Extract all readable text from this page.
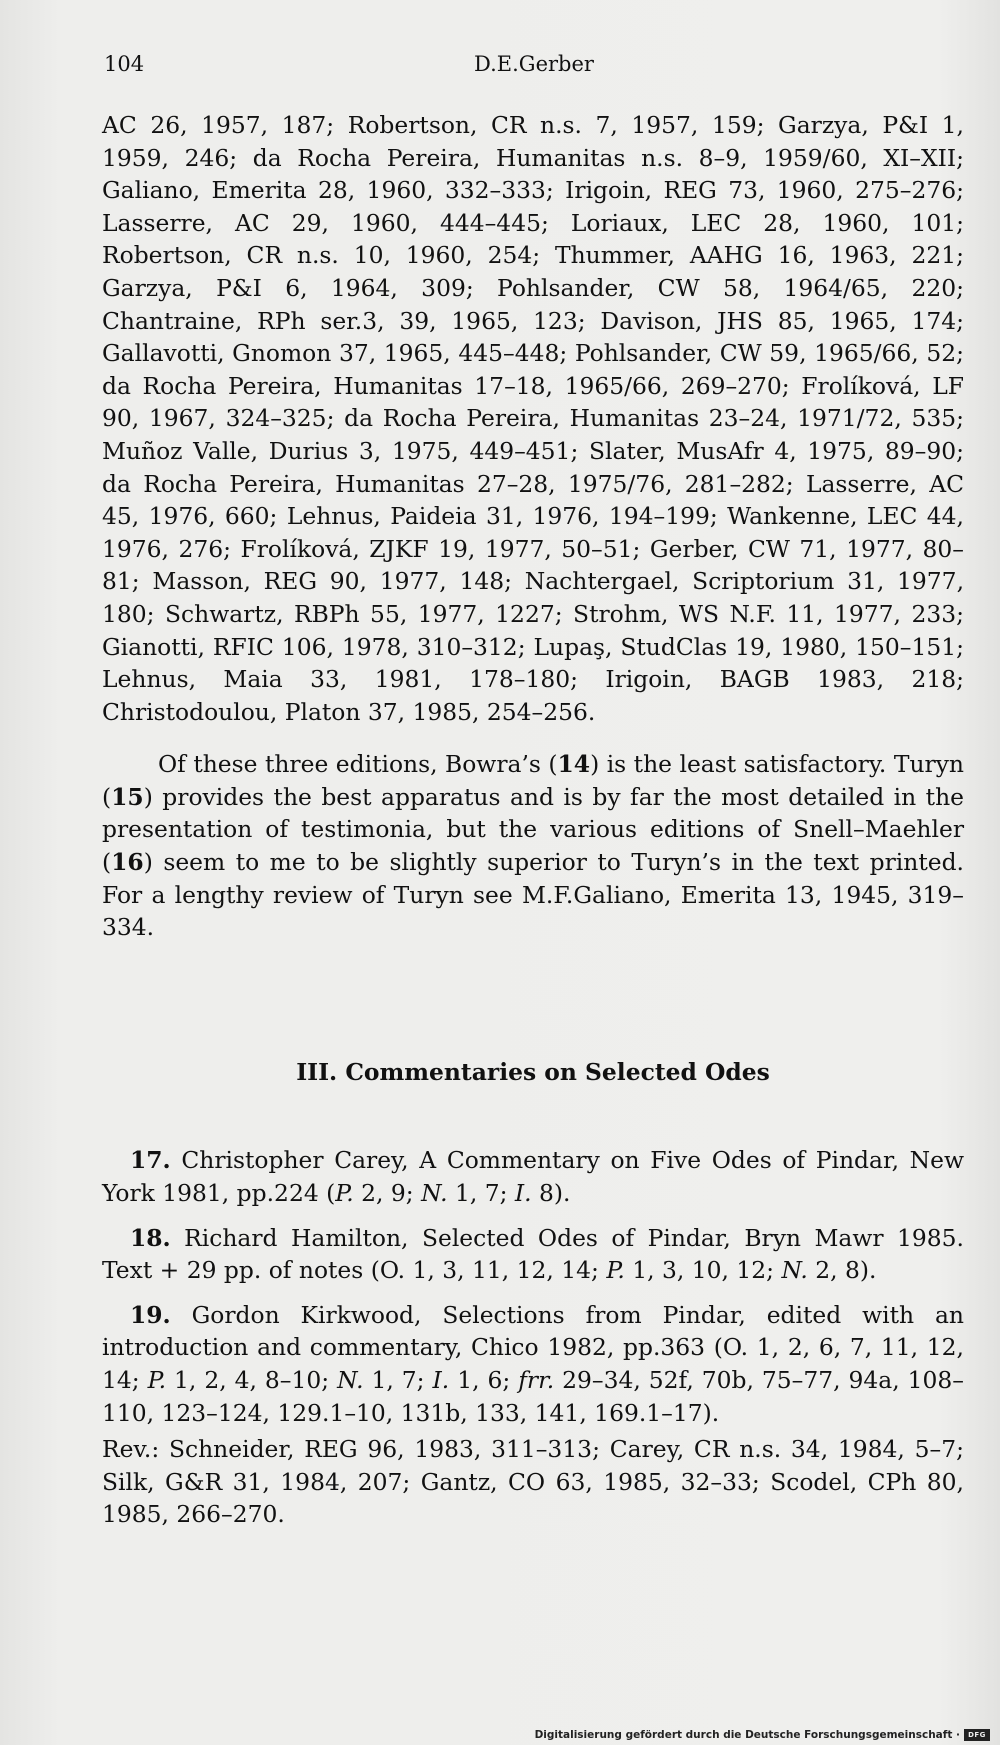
104	D.E.Gerber

AC 26, 1957, 187; Robertson, CR n.s. 7, 1957, 159; Garzya, P&I 1, 1959, 246; da Rocha Pereira, Humanitas n.s. 8–9, 1959/60, XI–XII; Galiano, Emerita 28, 1960, 332–333; Irigoin, REG 73, 1960, 275–276; Lasserre, AC 29, 1960, 444–445; Loriaux, LEC 28, 1960, 101; Robertson, CR n.s. 10, 1960, 254; Thummer, AAHG 16, 1963, 221; Garzya, P&I 6, 1964, 309; Pohlsander, CW 58, 1964/65, 220; Chantraine, RPh ser.3, 39, 1965, 123; Davison, JHS 85, 1965, 174; Gallavotti, Gnomon 37, 1965, 445–448; Pohlsander, CW 59, 1965/66, 52; da Rocha Pereira, Humanitas 17–18, 1965/66, 269–270; Frolíková, LF 90, 1967, 324–325; da Rocha Pereira, Humanitas 23–24, 1971/72, 535; Muñoz Valle, Durius 3, 1975, 449–451; Slater, MusAfr 4, 1975, 89–90; da Rocha Pereira, Humanitas 27–28, 1975/76, 281–282; Lasserre, AC 45, 1976, 660; Lehnus, Paideia 31, 1976, 194–199; Wankenne, LEC 44, 1976, 276; Frolíková, ZJKF 19, 1977, 50–51; Gerber, CW 71, 1977, 80–81; Masson, REG 90, 1977, 148; Nachtergael, Scriptorium 31, 1977, 180; Schwartz, RBPh 55, 1977, 1227; Strohm, WS N.F. 11, 1977, 233; Gianotti, RFIC 106, 1978, 310–312; Lupaş, StudClas 19, 1980, 150–151; Lehnus, Maia 33, 1981, 178–180; Irigoin, BAGB 1983, 218; Christodoulou, Platon 37, 1985, 254–256.

Of these three editions, Bowra’s (14) is the least satisfactory. Turyn (15) provides the best apparatus and is by far the most detailed in the presentation of testimonia, but the various editions of Snell–Maehler (16) seem to me to be slightly superior to Turyn’s in the text printed. For a lengthy review of Turyn see M.F.Galiano, Emerita 13, 1945, 319–334.

III. Commentaries on Selected Odes

17. Christopher Carey, A Commentary on Five Odes of Pindar, New York 1981, pp.224 (P. 2, 9; N. 1, 7; I. 8).

18. Richard Hamilton, Selected Odes of Pindar, Bryn Mawr 1985. Text + 29 pp. of notes (O. 1, 3, 11, 12, 14; P. 1, 3, 10, 12; N. 2, 8).

19. Gordon Kirkwood, Selections from Pindar, edited with an introduction and commentary, Chico 1982, pp.363 (O. 1, 2, 6, 7, 11, 12, 14; P. 1, 2, 4, 8–10; N. 1, 7; I. 1, 6; frr. 29–34, 52f, 70b, 75–77, 94a, 108–110, 123–124, 129.1–10, 131b, 133, 141, 169.1–17).

Rev.: Schneider, REG 96, 1983, 311–313; Carey, CR n.s. 34, 1984, 5–7; Silk, G&R 31, 1984, 207; Gantz, CO 63, 1985, 32–33; Scodel, CPh 80, 1985, 266–270.

Digitalisierung gefördert durch die Deutsche Forschungsgemeinschaft ·	DFG
